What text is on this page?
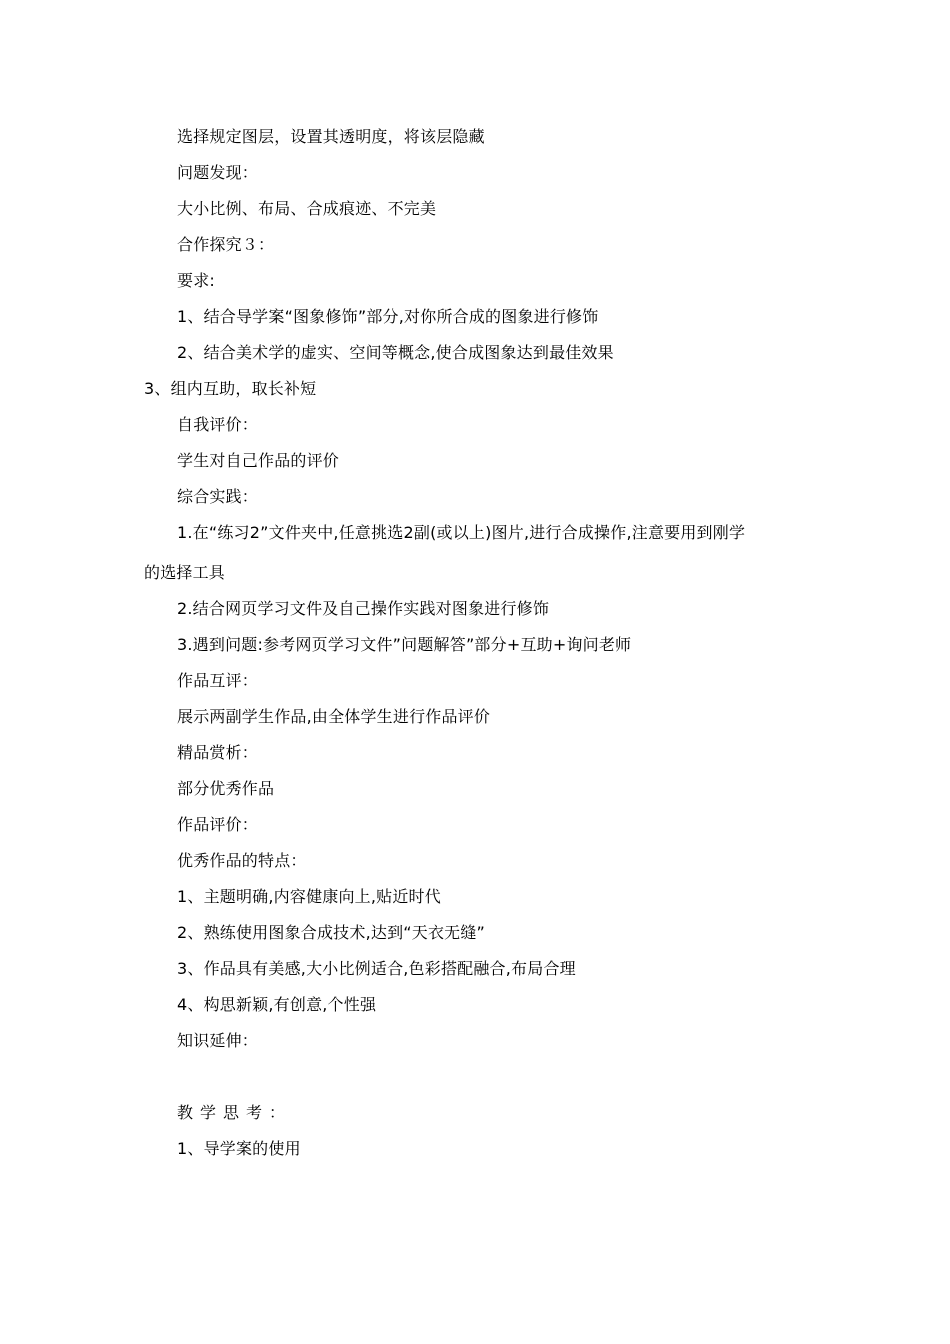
选择规定图层，设置其透明度，将该层隐藏
问题发现：
大小比例、布局、合成痕迹、不完美
合作探究３：
要求:
1、结合导学案“图象修饰”部分,对你所合成的图象进行修饰
2、结合美术学的虚实、空间等概念,使合成图象达到最佳效果
3、组内互助，取长补短
自我评价：
学生对自己作品的评价
综合实践：
1.在“练习2”文件夹中,任意挑选2副(或以上)图片,进行合成操作,注意要用到刚学
的选择工具
2.结合网页学习文件及自己操作实践对图象进行修饰
3.遇到问题:参考网页学习文件”问题解答”部分+互助+询问老师
作品互评：
展示两副学生作品,由全体学生进行作品评价
精品赏析：
部分优秀作品
作品评价：
优秀作品的特点：
1、主题明确,内容健康向上,贴近时代
2、熟练使用图象合成技术,达到“天衣无缝”
3、作品具有美感,大小比例适合,色彩搭配融合,布局合理
4、构思新颖,有创意,个性强
知识延伸：
教学思考：
1、导学案的使用
